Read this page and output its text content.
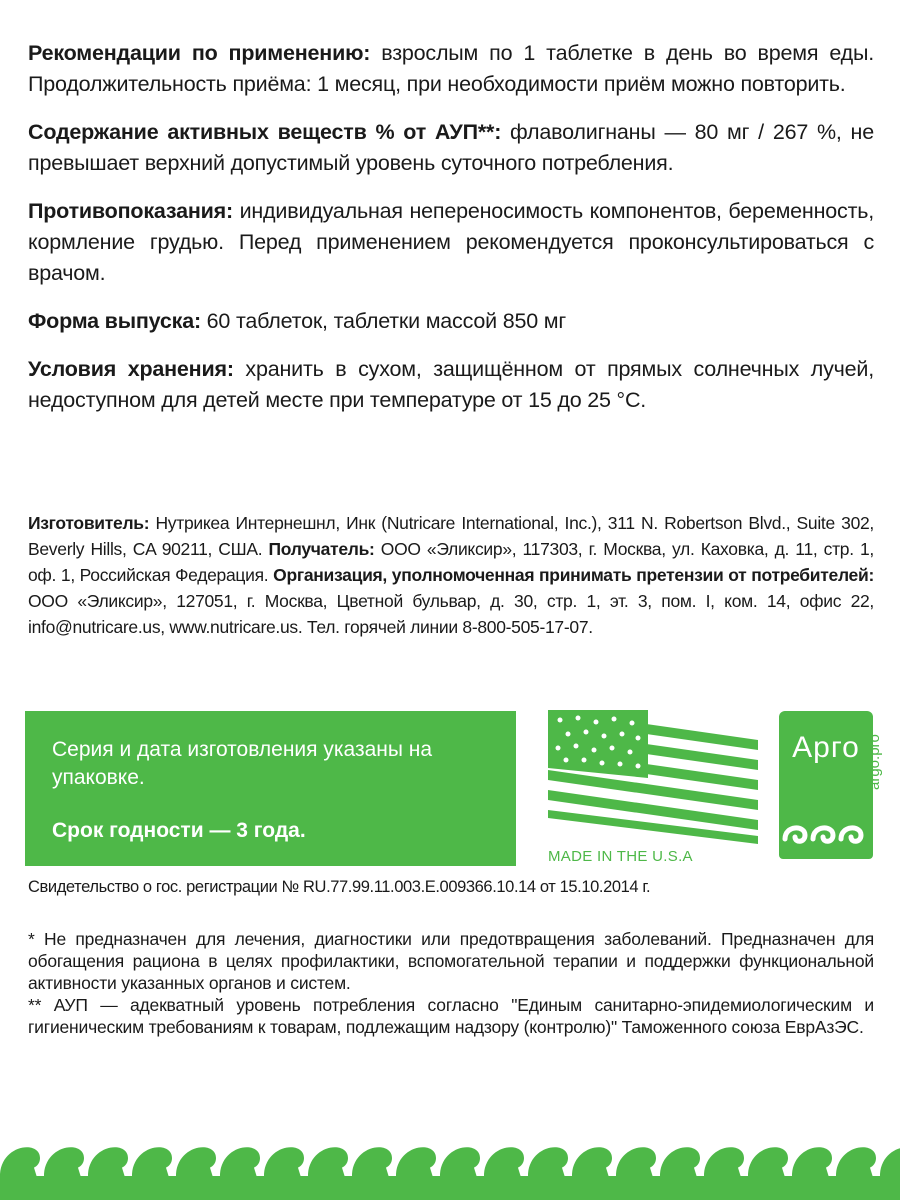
Рекомендации по применению: взрослым по 1 таблетке в день во время еды. Продолжительность приёма: 1 месяц, при необходимости приём можно повторить.

Содержание активных веществ % от АУП**: флаволигнаны — 80 мг / 267 %, не превышает верхний допустимый уровень суточного потребления.

Противопоказания: индивидуальная непереносимость компонентов, беременность, кормление грудью. Перед применением рекомендуется проконсультироваться с врачом.

Форма выпуска: 60 таблеток, таблетки массой 850 мг

Условия хранения: хранить в сухом, защищённом от прямых солнечных лучей, недоступном для детей месте при температуре от 15 до 25 °С.

Изготовитель: Нутрикеа Интернешнл, Инк (Nutricare International, Inc.), 311 N. Robertson Blvd., Suite 302, Beverly Hills, CA 90211, США. Получатель: ООО «Эликсир», 117303, г. Москва, ул. Каховка, д. 11, стр. 1, оф. 1, Российская Федерация. Организация, уполномоченная принимать претензии от потребителей: ООО «Эликсир», 127051, г. Москва, Цветной бульвар, д. 30, стр. 1, эт. 3, пом. I, ком. 14, офис 22, info@nutricare.us, www.nutricare.us. Тел. горячей линии 8-800-505-17-07.
Серия и дата изготовления указаны на упаковке.
Срок годности — 3 года.
MADE IN THE U.S.A
Арго argo.pro
Свидетельство о гос. регистрации № RU.77.99.11.003.Е.009366.10.14 от 15.10.2014 г.

* Не предназначен для лечения, диагностики или предотвращения заболеваний. Предназначен для обогащения рациона в целях профилактики, вспомогательной терапии и поддержки функциональной активности указанных органов и систем.

** АУП — адекватный уровень потребления согласно "Единым санитарно-эпидемиологическим и гигиеническим требованиям к товарам, подлежащим надзору (контролю)" Таможенного союза ЕврАзЭС.
